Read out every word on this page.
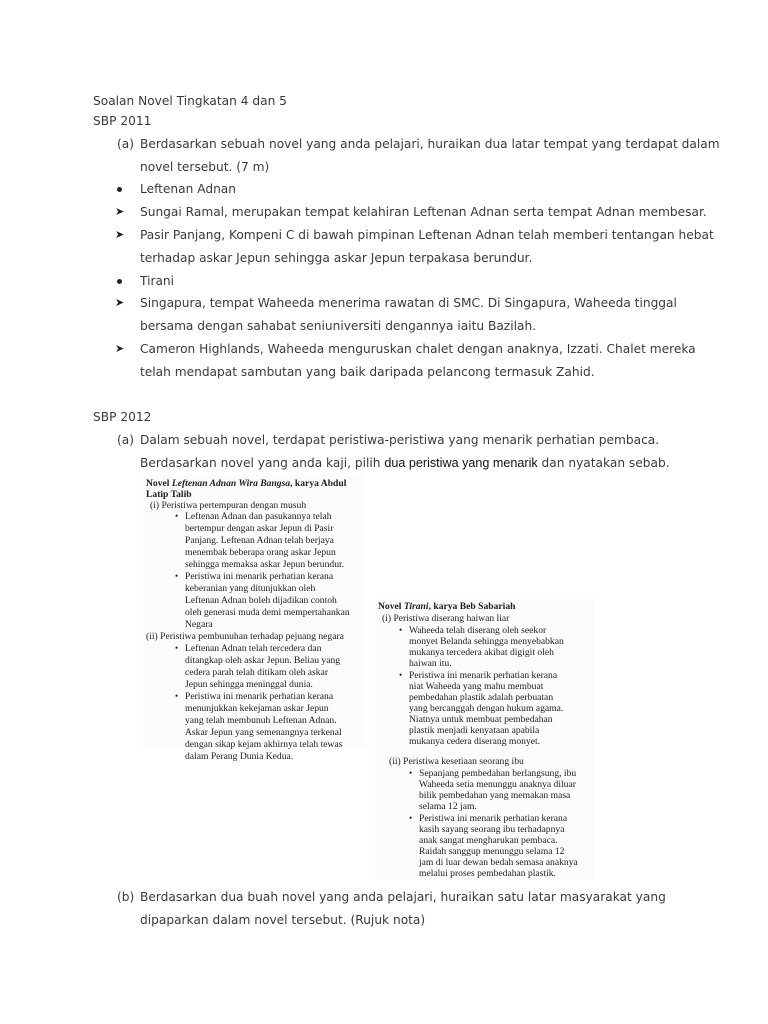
Soalan Novel Tingkatan 4 dan 5
SBP 2011
(a) Berdasarkan sebuah novel yang anda pelajari, huraikan dua latar tempat yang terdapat dalam
novel tersebut. (7 m)
Leftenan Adnan
➤ Sungai Ramal, merupakan tempat kelahiran Leftenan Adnan serta tempat Adnan membesar.
➤ Pasir Panjang, Kompeni C di bawah pimpinan Leftenan Adnan telah memberi tentangan hebat
terhadap askar Jepun sehingga askar Jepun terpakasa berundur.
Tirani
➤ Singapura, tempat Waheeda menerima rawatan di SMC. Di Singapura, Waheeda tinggal
bersama dengan sahabat seniuniversiti dengannya iaitu Bazilah.
➤ Cameron Highlands, Waheeda menguruskan chalet dengan anaknya, Izzati. Chalet mereka
telah mendapat sambutan yang baik daripada pelancong termasuk Zahid.
SBP 2012
(a) Dalam sebuah novel, terdapat peristiwa-peristiwa yang menarik perhatian pembaca.
Berdasarkan novel yang anda kaji, pilih dua peristiwa yang menarik dan nyatakan sebab.
Novel Leftenan Adnan Wira Bangsa, karya Abdul
Latip Talib
(i) Peristiwa pertempuran dengan musuh
• Leftenan Adnan dan pasukannya telah
bertempur dengan askar Jepun di Pasir
Panjang. Leftenan Adnan telah berjaya
menembak beberapa orang askar Jepun
sehingga memaksa askar Jepun berundur.
• Peristiwa ini menarik perhatian kerana
keberanian yang ditunjukkan oleh
Leftenan Adnan boleh dijadikan contoh
oleh generasi muda demi mempertahankan
Negara
(ii) Peristiwa pembunuhan terhadap pejuang negara
• Leftenan Adnan telah tercedera dan
ditangkap oleh askar Jepun. Beliau yang
cedera parah telah ditikam oleh askar
Jepun sehingga meninggal dunia.
• Peristiwa ini menarik perhatian kerana
menunjukkan kekejaman askar Jepun
yang telah membunuh Leftenan Adnan.
Askar Jepun yang semenangnya terkenal
dengan sikap kejam akhirnya telah tewas
dalam Perang Dunia Kedua.
Novel Tirani, karya Beb Sabariah
(i) Peristiwa diserang haiwan liar
• Waheeda telah diserang oleh seekor
monyet Belanda sehingga menyebabkan
mukanya tercedera akibat digigit oleh
haiwan itu.
• Peristiwa ini menarik perhatian kerana
niat Waheeda yang mahu membuat
pembedahan plastik adalah perbuatan
yang bercanggah dengan hukum agama.
Niatnya untuk membuat pembedahan
plastik menjadi kenyataan apabila
mukanya cedera diserang monyet.
(ii) Peristiwa kesetiaan seorang ibu
• Sepanjang pembedahan berlangsung, ibu
Waheeda setia menunggu anaknya diluar
bilik pembedahan yang memakan masa
selama 12 jam.
• Peristiwa ini menarik perhatian kerana
kasih sayang seorang ibu terhadapnya
anak sangat mengharukan pembaca.
Raidah sanggup menunggu selama 12
jam di luar dewan bedah semasa anaknya
melalui proses pembedahan plastik.
(b) Berdasarkan dua buah novel yang anda pelajari, huraikan satu latar masyarakat yang
dipaparkan dalam novel tersebut. (Rujuk nota)
